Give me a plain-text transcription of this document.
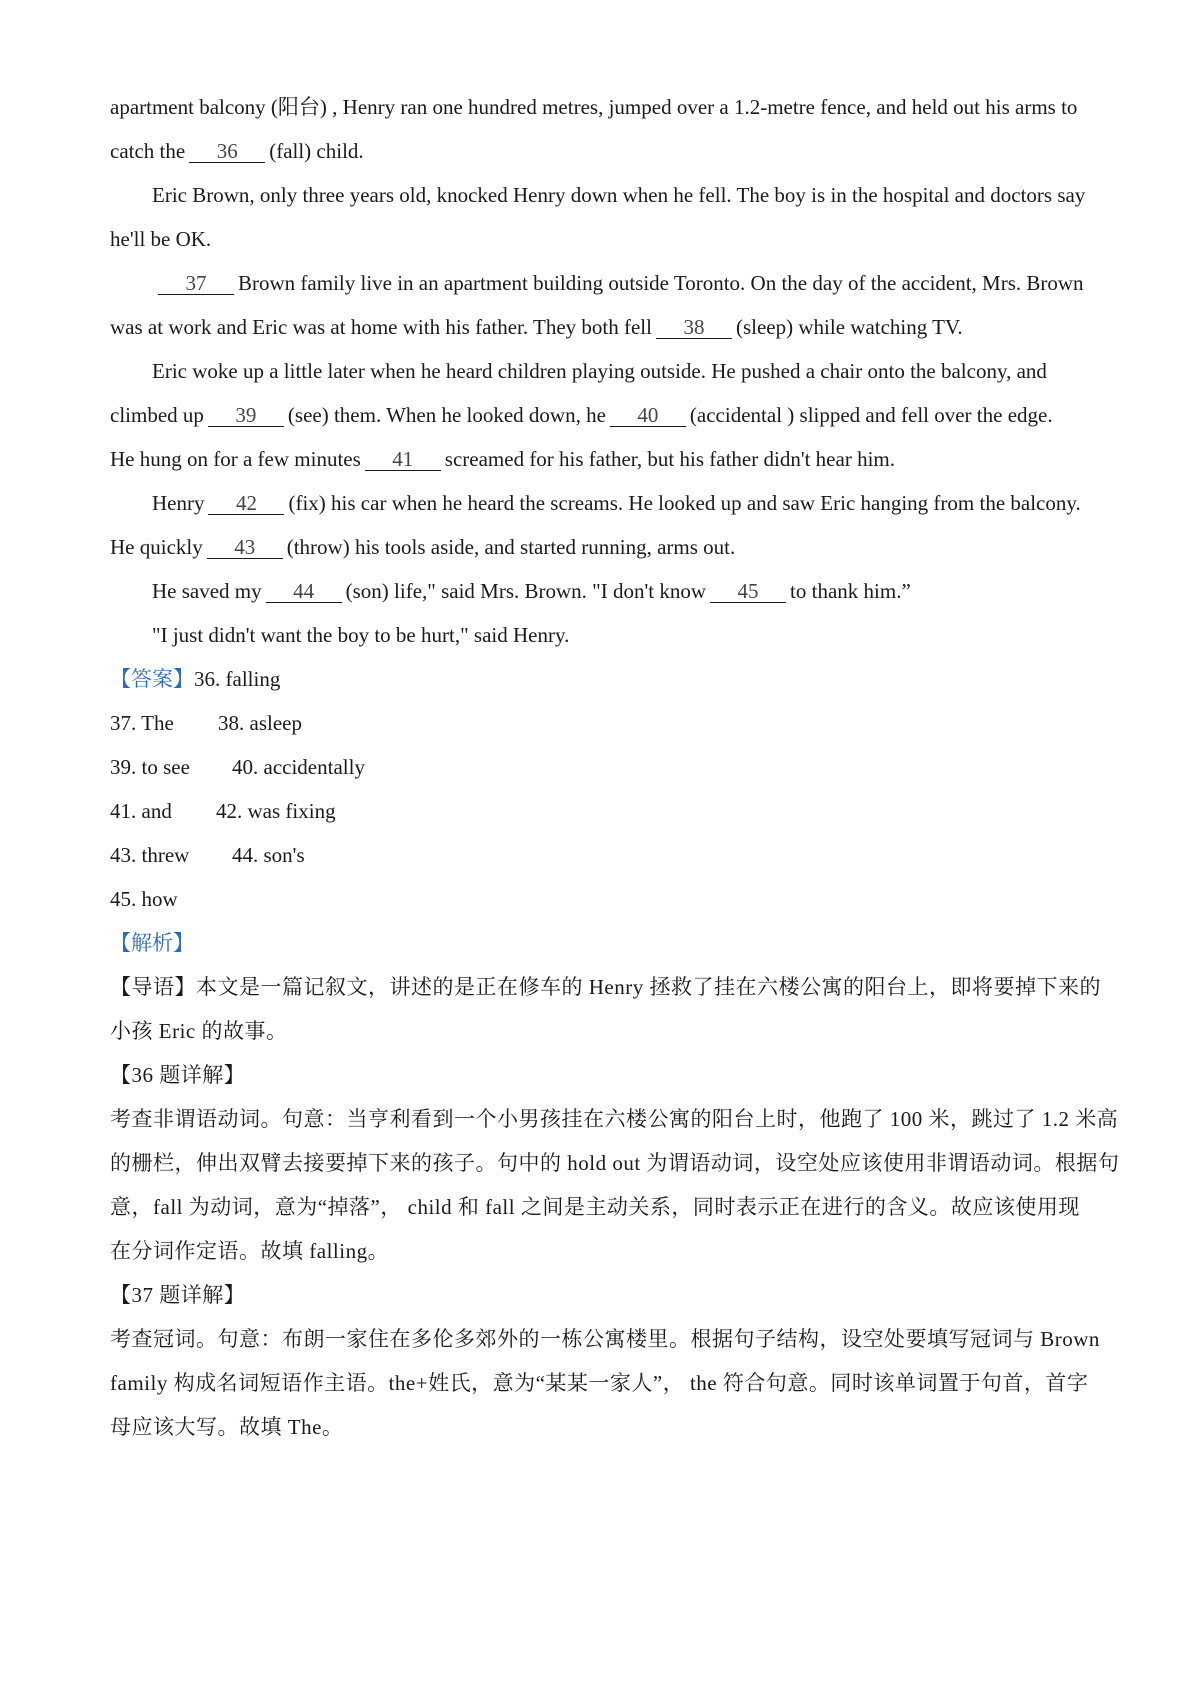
apartment balcony (阳台) , Henry ran one hundred metres, jumped over a 1.2-metre fence, and held out his arms to
catch the 36 (fall) child.
Eric Brown, only three years old, knocked Henry down when he fell. The boy is in the hospital and doctors say
he'll be OK.
37 Brown family live in an apartment building outside Toronto. On the day of the accident, Mrs. Brown
was at work and Eric was at home with his father. They both fell 38 (sleep) while watching TV.
Eric woke up a little later when he heard children playing outside. He pushed a chair onto the balcony, and
climbed up 39 (see) them. When he looked down, he 40 (accidental ) slipped and fell over the edge.
He hung on for a few minutes 41 screamed for his father, but his father didn't hear him.
Henry 42 (fix) his car when he heard the screams. He looked up and saw Eric hanging from the balcony.
He quickly 43 (throw) his tools aside, and started running, arms out.
He saved my 44 (son) life," said Mrs. Brown. "I don't know 45 to thank him.”
"I just didn't want the boy to be hurt," said Henry.
【答案】36. falling
37. The 38. asleep
39. to see 40. accidentally
41. and 42. was fixing
43. threw 44. son's
45. how
【解析】
【导语】本文是一篇记叙文，讲述的是正在修车的 Henry 拯救了挂在六楼公寓的阳台上，即将要掉下来的
小孩 Eric 的故事。
【36 题详解】
考查非谓语动词。句意：当亨利看到一个小男孩挂在六楼公寓的阳台上时，他跑了 100 米，跳过了 1.2 米高
的栅栏，伸出双臂去接要掉下来的孩子。句中的 hold out 为谓语动词，设空处应该使用非谓语动词。根据句
意，fall 为动词，意为“掉落”， child 和 fall 之间是主动关系，同时表示正在进行的含义。故应该使用现
在分词作定语。故填 falling。
【37 题详解】
考查冠词。句意：布朗一家住在多伦多郊外的一栋公寓楼里。根据句子结构，设空处要填写冠词与 Brown
family 构成名词短语作主语。the+姓氏，意为“某某一家人”， the 符合句意。同时该单词置于句首，首字
母应该大写。故填 The。
